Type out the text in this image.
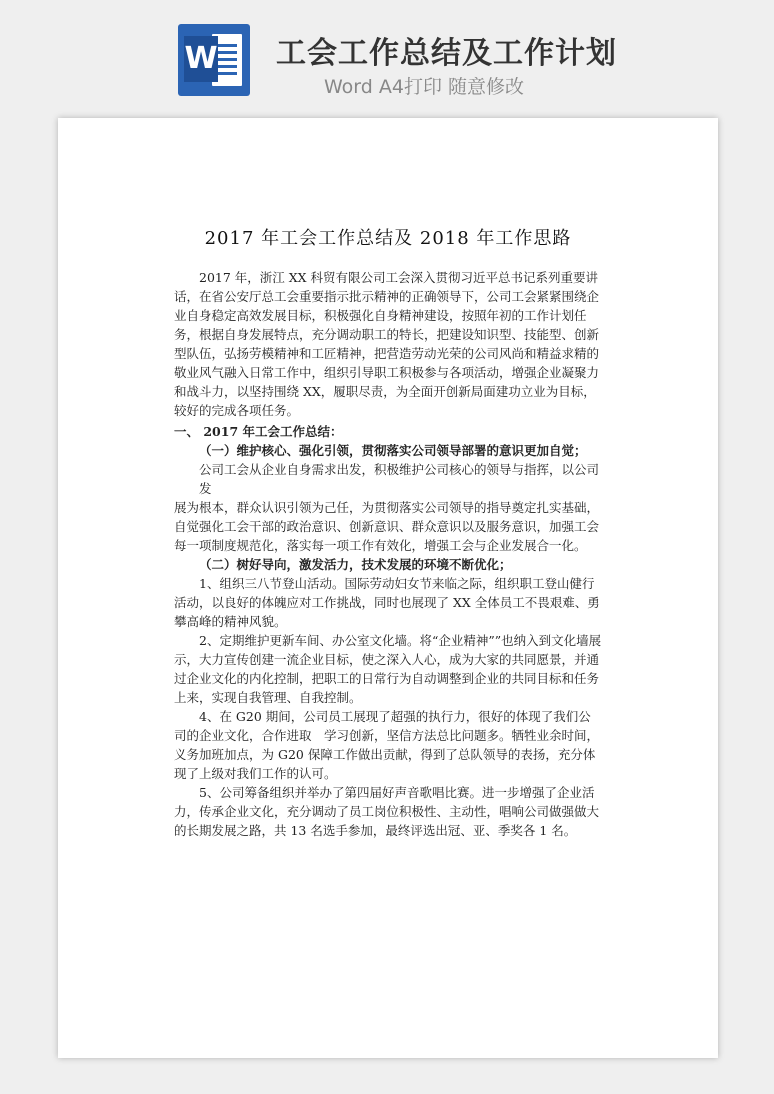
W 工会工作总结及工作计划
Word A4打印 随意修改
2017 年工会工作总结及 2018 年工作思路

2017 年，浙江 XX 科贸有限公司工会深入贯彻习近平总书记系列重要讲话，在省公安厅总工会重要指示批示精神的正确领导下，公司工会紧紧围绕企业自身稳定高效发展目标，积极强化自身精神建设，按照年初的工作计划任务，根据自身发展特点，充分调动职工的特长，把建设知识型、技能型、创新型队伍，弘扬劳模精神和工匠精神，把营造劳动光荣的公司风尚和精益求精的敬业风气融入日常工作中，组织引导职工积极参与各项活动，增强企业凝聚力和战斗力，以坚持围绕 XX，履职尽责，为全面开创新局面建功立业为目标，较好的完成各项任务。

一、 2017 年工会工作总结：

（一）维护核心、强化引领，贯彻落实公司领导部署的意识更加自觉；

公司工会从企业自身需求出发，积极维护公司核心的领导与指挥，以公司发

展为根本，群众认识引领为己任，为贯彻落实公司领导的指导奠定扎实基础，自觉强化工会干部的政治意识、创新意识、群众意识以及服务意识，加强工会每一项制度规范化，落实每一项工作有效化，增强工会与企业发展合一化。

（二）树好导向，激发活力，技术发展的环境不断优化；

1、组织三八节登山活动。国际劳动妇女节来临之际，组织职工登山健行活动，以良好的体魄应对工作挑战，同时也展现了 XX 全体员工不畏艰难、勇攀高峰的精神风貌。

2、定期维护更新车间、办公室文化墙。将“企业精神””也纳入到文化墙展示，大力宣传创建一流企业目标，使之深入人心，成为大家的共同愿景，并通过企业文化的内化控制，把职工的日常行为自动调整到企业的共同目标和任务上来，实现自我管理、自我控制。

4、在 G20 期间，公司员工展现了超强的执行力，很好的体现了我们公司的企业文化，合作进取　学习创新，坚信方法总比问题多。牺牲业余时间，义务加班加点，为 G20 保障工作做出贡献，得到了总队领导的表扬，充分体现了上级对我们工作的认可。

5、公司筹备组织并举办了第四届好声音歌唱比赛。进一步增强了企业活力，传承企业文化，充分调动了员工岗位积极性、主动性，唱响公司做强做大的长期发展之路，共 13 名选手参加，最终评选出冠、亚、季奖各 1 名。
